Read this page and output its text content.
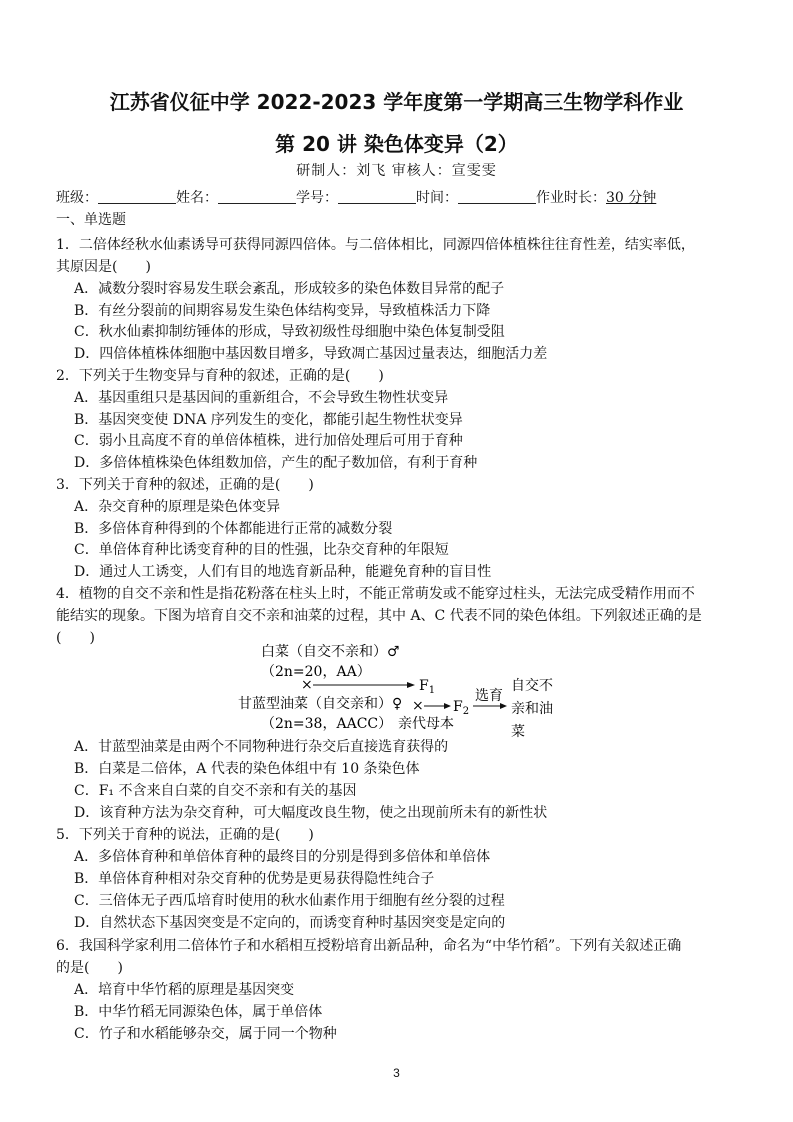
江苏省仪征中学 2022-2023 学年度第一学期高三生物学科作业
第 20 讲 染色体变异（2）
研制人：刘飞 审核人：宣雯雯
班级：	姓名：	学号：	时间：	作业时长：30 分钟
一、单选题
1．二倍体经秋水仙素诱导可获得同源四倍体。与二倍体相比，同源四倍体植株往往育性差，结实率低，
其原因是(　　)
A．减数分裂时容易发生联会紊乱，形成较多的染色体数目异常的配子
B．有丝分裂前的间期容易发生染色体结构变异，导致植株活力下降
C．秋水仙素抑制纺锤体的形成，导致初级性母细胞中染色体复制受阻
D．四倍体植株体细胞中基因数目增多，导致凋亡基因过量表达，细胞活力差
2．下列关于生物变异与育种的叙述，正确的是(　　)
A．基因重组只是基因间的重新组合，不会导致生物性状变异
B．基因突变使 DNA 序列发生的变化，都能引起生物性状变异
C．弱小且高度不育的单倍体植株，进行加倍处理后可用于育种
D．多倍体植株染色体组数加倍，产生的配子数加倍，有利于育种
3．下列关于育种的叙述，正确的是(　　)
A．杂交育种的原理是染色体变异
B．多倍体育种得到的个体都能进行正常的减数分裂
C．单倍体育种比诱变育种的目的性强，比杂交育种的年限短
D．通过人工诱变，人们有目的地选育新品种，能避免育种的盲目性
4．植物的自交不亲和性是指花粉落在柱头上时，不能正常萌发或不能穿过柱头，无法完成受精作用而不
能结实的现象。下图为培育自交不亲和油菜的过程，其中 A、C 代表不同的染色体组。下列叙述正确的是
(　　)
白菜（自交不亲和）♂
（2n=20，AA）
×	$F_1$
甘蓝型油菜（自交亲和）♀
（2n=38，AACC）
× $F_2$
亲代母本
选育
自交不
亲和油
菜
A．甘蓝型油菜是由两个不同物种进行杂交后直接选育获得的
B．白菜是二倍体，A 代表的染色体组中有 10 条染色体
C．F₁ 不含来自白菜的自交不亲和有关的基因
D．该育种方法为杂交育种，可大幅度改良生物，使之出现前所未有的新性状
5．下列关于育种的说法，正确的是(　　)
A．多倍体育种和单倍体育种的最终目的分别是得到多倍体和单倍体
B．单倍体育种相对杂交育种的优势是更易获得隐性纯合子
C．三倍体无子西瓜培育时使用的秋水仙素作用于细胞有丝分裂的过程
D．自然状态下基因突变是不定向的，而诱变育种时基因突变是定向的
6．我国科学家利用二倍体竹子和水稻相互授粉培育出新品种，命名为“中华竹稻”。下列有关叙述正确
的是(　　)
A．培育中华竹稻的原理是基因突变
B．中华竹稻无同源染色体，属于单倍体
C．竹子和水稻能够杂交，属于同一个物种
3
